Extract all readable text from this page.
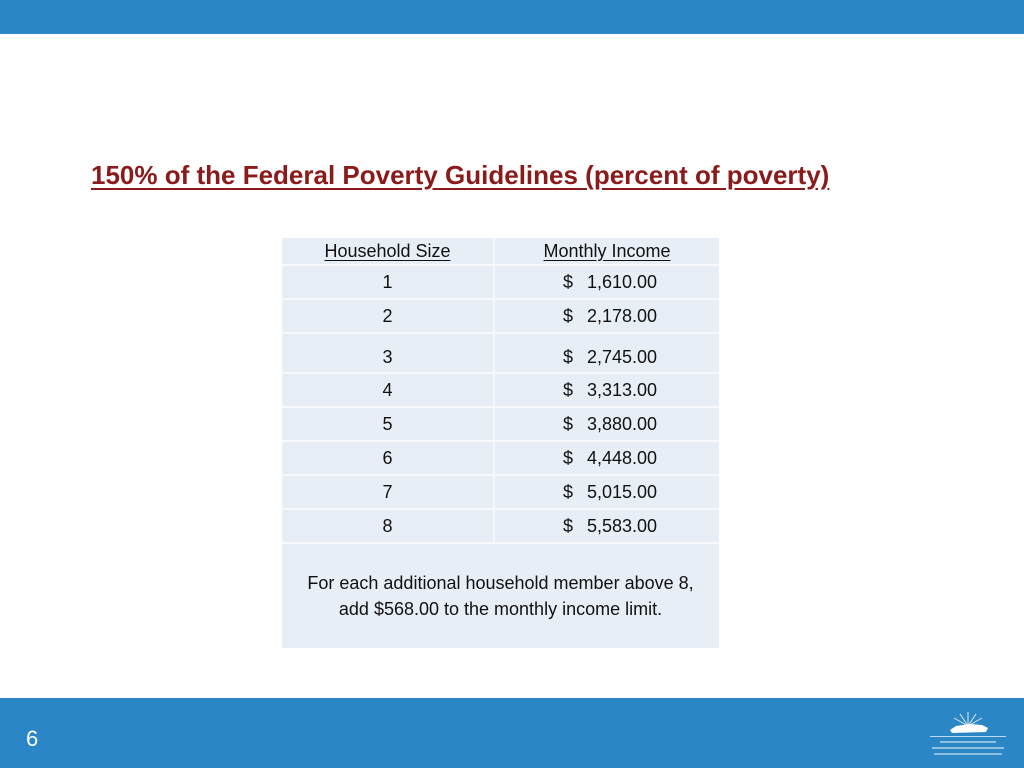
150% of the Federal Poverty Guidelines (percent of poverty)
Household Size	Monthly Income
1	$ 1,610.00
2	$ 2,178.00
3	$ 2,745.00
4	$ 3,313.00
5	$ 3,880.00
6	$ 4,448.00
7	$ 5,015.00
8	$ 5,583.00
For each additional household member above 8,
add $568.00 to the monthly income limit.
6
